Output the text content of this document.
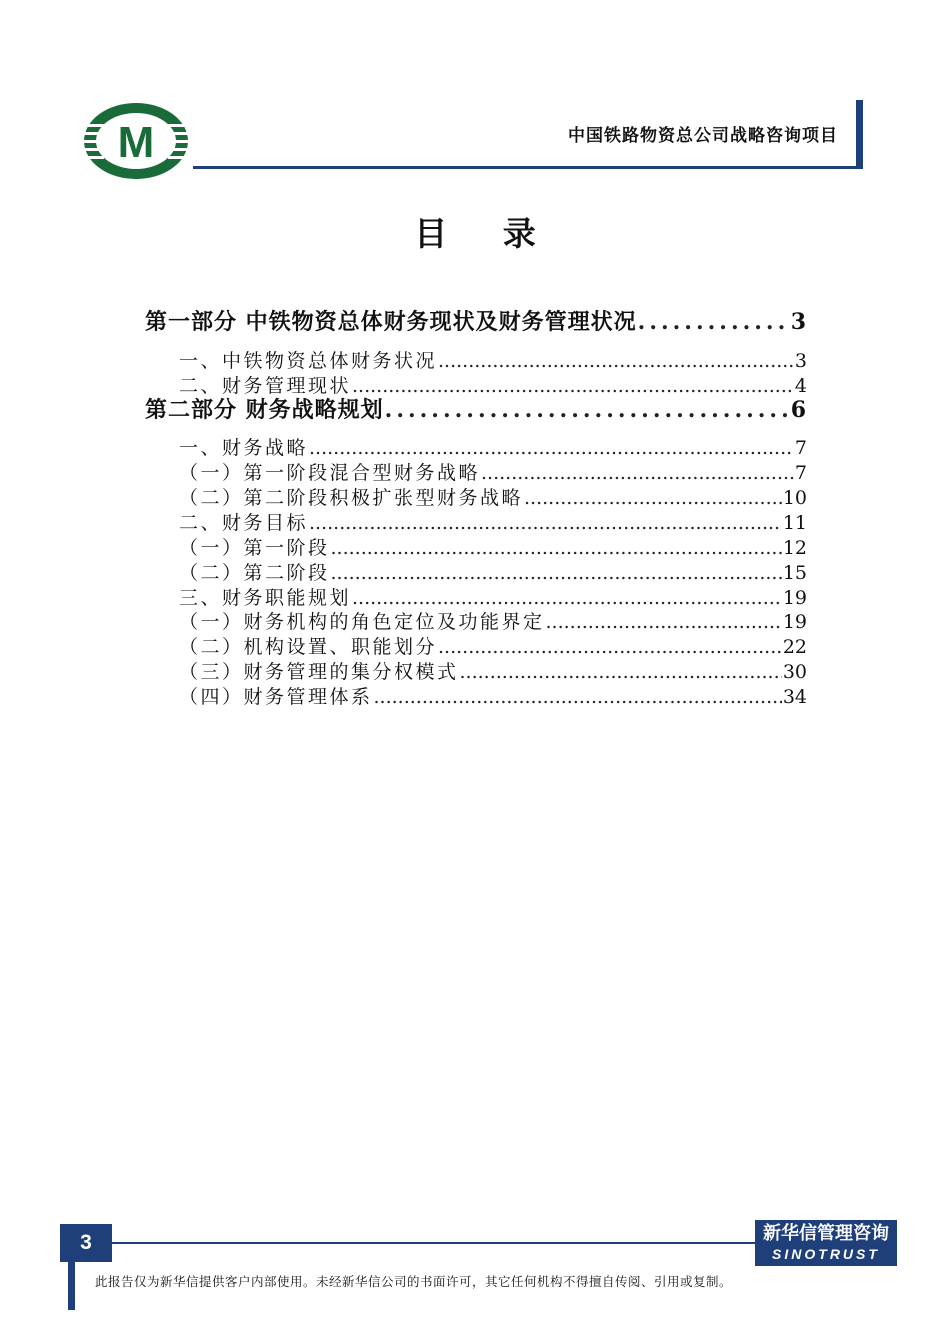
M	中国铁路物资总公司战略咨询项目
目 录
第一部分 中铁物资总体财务现状及财务管理状况 .....	3
一、中铁物资总体财务状况 .....	3
二、财务管理现状 .....	4
第二部分 财务战略规划 .....	6
一、财务战略 .....	7
（一）第一阶段混合型财务战略 .....	7
（二）第二阶段积极扩张型财务战略 .....	10
二、财务目标 .....	11
（一）第一阶段 .....	12
（二）第二阶段 .....	15
三、财务职能规划 .....	19
（一）财务机构的角色定位及功能界定 .....	19
（二）机构设置、职能划分 .....	22
（三）财务管理的集分权模式 .....	30
（四）财务管理体系 .....	34
3	新华信管理咨询
SINOTRUST
此报告仅为新华信提供客户内部使用。未经新华信公司的书面许可，其它任何机构不得擅自传阅、引用或复制。
